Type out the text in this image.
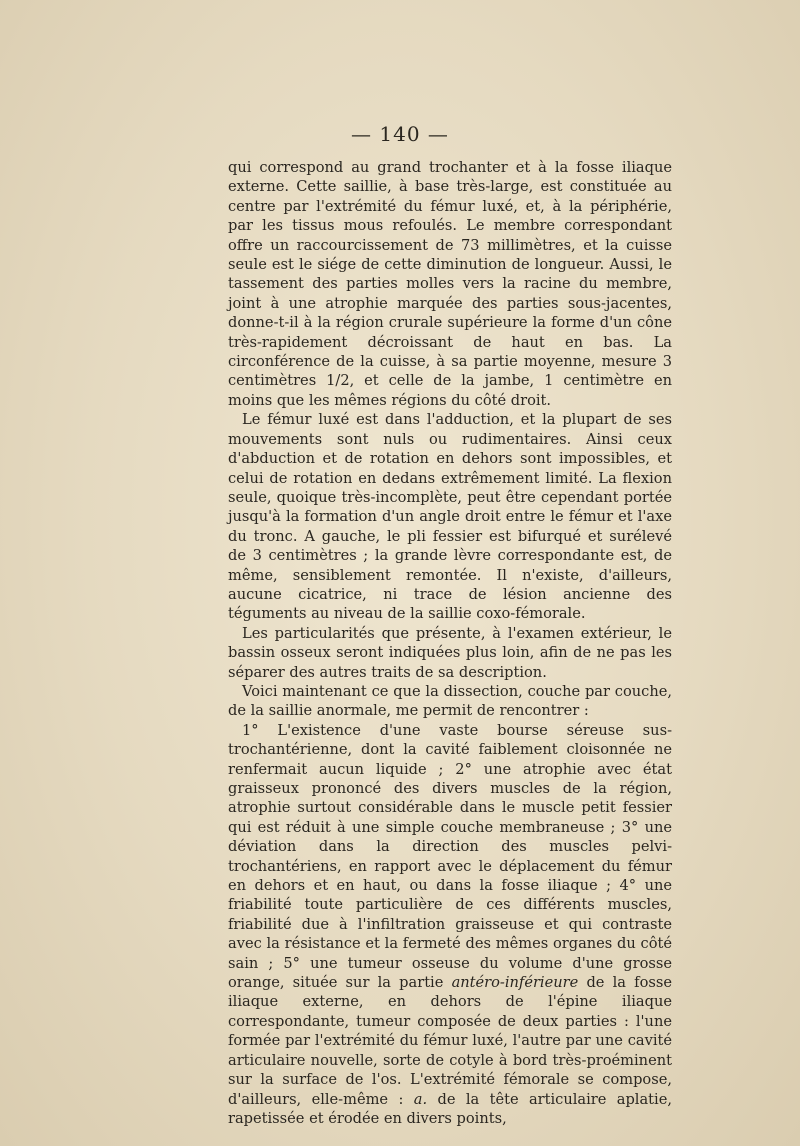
— 140 —

qui correspond au grand trochanter et à la fosse iliaque externe. Cette saillie, à base très-large, est constituée au centre par l'extrémité du fémur luxé, et, à la périphérie, par les tissus mous refoulés. Le membre correspondant offre un raccourcissement de 73 millimètres, et la cuisse seule est le siége de cette diminution de longueur. Aussi, le tassement des parties molles vers la racine du membre, joint à une atrophie marquée des parties sous-jacentes, donne-t-il à la région crurale supérieure la forme d'un cône très-rapidement décroissant de haut en bas. La circonférence de la cuisse, à sa partie moyenne, mesure 3 centimètres 1/2, et celle de la jambe, 1 centimètre en moins que les mêmes régions du côté droit.

Le fémur luxé est dans l'adduction, et la plupart de ses mouvements sont nuls ou rudimentaires. Ainsi ceux d'abduction et de rotation en dehors sont impossibles, et celui de rotation en dedans extrêmement limité. La flexion seule, quoique très-incomplète, peut être cependant portée jusqu'à la formation d'un angle droit entre le fémur et l'axe du tronc. A gauche, le pli fessier est bifurqué et surélevé de 3 centimètres ; la grande lèvre correspondante est, de même, sensiblement remontée. Il n'existe, d'ailleurs, aucune cicatrice, ni trace de lésion ancienne des téguments au niveau de la saillie coxo-fémorale.

Les particularités que présente, à l'examen extérieur, le bassin osseux seront indiquées plus loin, afin de ne pas les séparer des autres traits de sa description.

Voici maintenant ce que la dissection, couche par couche, de la saillie anormale, me permit de rencontrer :

1° L'existence d'une vaste bourse séreuse sus-trochantérienne, dont la cavité faiblement cloisonnée ne renfermait aucun liquide ; 2° une atrophie avec état graisseux prononcé des divers muscles de la région, atrophie surtout considérable dans le muscle petit fessier qui est réduit à une simple couche membraneuse ; 3° une déviation dans la direction des muscles pelvi-trochantériens, en rapport avec le déplacement du fémur en dehors et en haut, ou dans la fosse iliaque ; 4° une friabilité toute particulière de ces différents muscles, friabilité due à l'infiltration graisseuse et qui contraste avec la résistance et la fermeté des mêmes organes du côté sain ; 5° une tumeur osseuse du volume d'une grosse orange, située sur la partie antéro-inférieure de la fosse iliaque externe, en dehors de l'épine iliaque correspondante, tumeur composée de deux parties : l'une formée par l'extrémité du fémur luxé, l'autre par une cavité articulaire nouvelle, sorte de cotyle à bord très-proéminent sur la surface de l'os. L'extrémité fémorale se compose, d'ailleurs, elle-même : a. de la tête articulaire aplatie, rapetissée et érodée en divers points,
